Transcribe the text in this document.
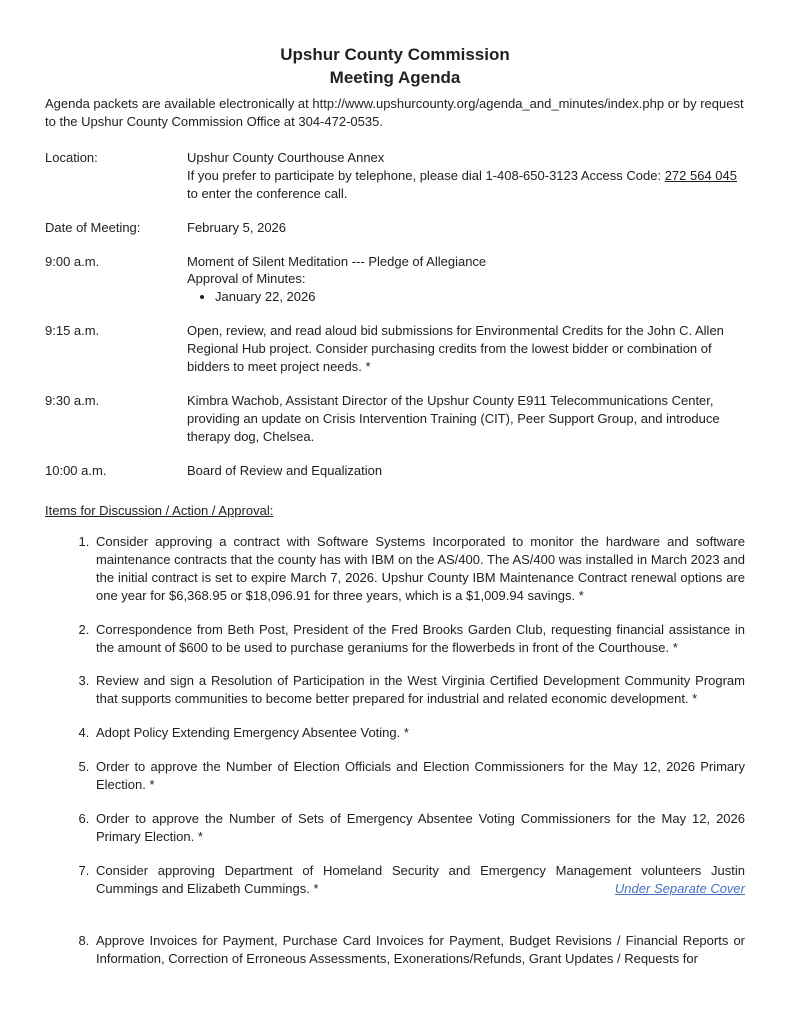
Upshur County Commission
Meeting Agenda

Agenda packets are available electronically at http://www.upshurcounty.org/agenda_and_minutes/index.php or by request to the Upshur County Commission Office at 304-472-0535.

Location:	Upshur County Courthouse Annex
If you prefer to participate by telephone, please dial 1-408-650-3123 Access Code: 272 564 045
to enter the conference call.
Date of Meeting:	February 5, 2026
9:00 a.m.	Moment of Silent Meditation --- Pledge of Allegiance
Approval of Minutes:
• January 22, 2026
9:15 a.m.	Open, review, and read aloud bid submissions for Environmental Credits for the John C. Allen Regional Hub project. Consider purchasing credits from the lowest bidder or combination of bidders to meet project needs. *
9:30 a.m.	Kimbra Wachob, Assistant Director of the Upshur County E911 Telecommunications Center, providing an update on Crisis Intervention Training (CIT), Peer Support Group, and introduce therapy dog, Chelsea.
10:00 a.m.	Board of Review and Equalization
Items for Discussion / Action / Approval:
1. Consider approving a contract with Software Systems Incorporated to monitor the hardware and software maintenance contracts that the county has with IBM on the AS/400. The AS/400 was installed in March 2023 and the initial contract is set to expire March 7, 2026. Upshur County IBM Maintenance Contract renewal options are one year for $6,368.95 or $18,096.91 for three years, which is a $1,009.94 savings. *
2. Correspondence from Beth Post, President of the Fred Brooks Garden Club, requesting financial assistance in the amount of $600 to be used to purchase geraniums for the flowerbeds in front of the Courthouse. *
3. Review and sign a Resolution of Participation in the West Virginia Certified Development Community Program that supports communities to become better prepared for industrial and related economic development. *
4. Adopt Policy Extending Emergency Absentee Voting. *
5. Order to approve the Number of Election Officials and Election Commissioners for the May 12, 2026 Primary Election. *
6. Order to approve the Number of Sets of Emergency Absentee Voting Commissioners for the May 12, 2026 Primary Election. *
7. Consider approving Department of Homeland Security and Emergency Management volunteers Justin Cummings and Elizabeth Cummings. *	Under Separate Cover
8. Approve Invoices for Payment, Purchase Card Invoices for Payment, Budget Revisions / Financial Reports or Information, Correction of Erroneous Assessments, Exonerations/Refunds, Grant Updates / Requests for
